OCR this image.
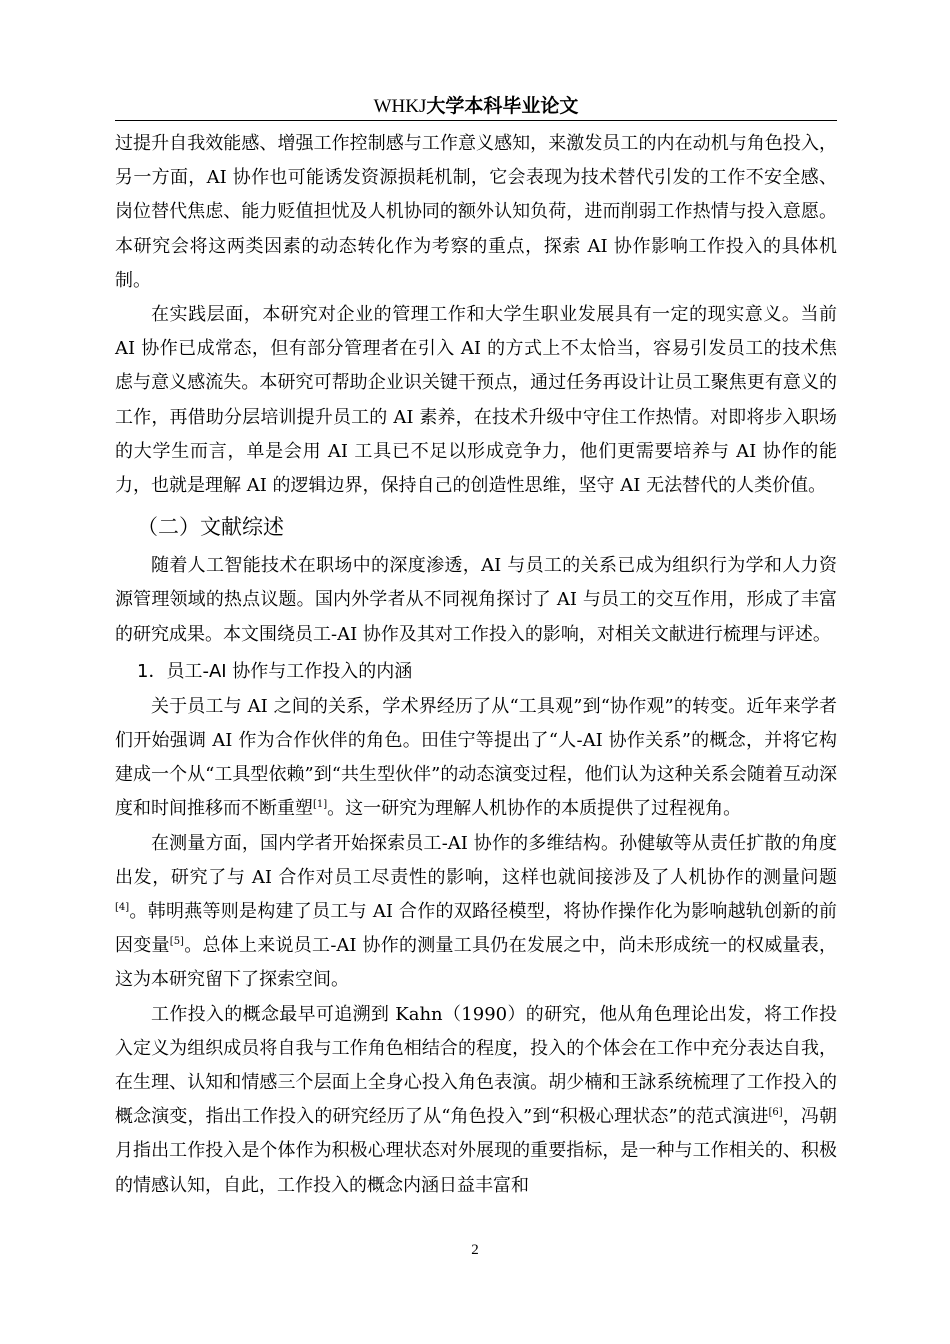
WHKJ大学本科毕业论文

过提升自我效能感、增强工作控制感与工作意义感知，来激发员工的内在动机与角色投入，另一方面，AI 协作也可能诱发资源损耗机制，它会表现为技术替代引发的工作不安全感、岗位替代焦虑、能力贬值担忧及人机协同的额外认知负荷，进而削弱工作热情与投入意愿。本研究会将这两类因素的动态转化作为考察的重点，探索 AI 协作影响工作投入的具体机制。

在实践层面，本研究对企业的管理工作和大学生职业发展具有一定的现实意义。当前 AI 协作已成常态，但有部分管理者在引入 AI 的方式上不太恰当，容易引发员工的技术焦虑与意义感流失。本研究可帮助企业识关键干预点，通过任务再设计让员工聚焦更有意义的工作，再借助分层培训提升员工的 AI 素养，在技术升级中守住工作热情。对即将步入职场的大学生而言，单是会用 AI 工具已不足以形成竞争力，他们更需要培养与 AI 协作的能力，也就是理解 AI 的逻辑边界，保持自己的创造性思维，坚守 AI 无法替代的人类价值。

（二）文献综述

随着人工智能技术在职场中的深度渗透，AI 与员工的关系已成为组织行为学和人力资源管理领域的热点议题。国内外学者从不同视角探讨了 AI 与员工的交互作用，形成了丰富的研究成果。本文围绕员工-AI 协作及其对工作投入的影响，对相关文献进行梳理与评述。

1．员工-AI 协作与工作投入的内涵

关于员工与 AI 之间的关系，学术界经历了从“工具观”到“协作观”的转变。近年来学者们开始强调 AI 作为合作伙伴的角色。田佳宁等提出了“人-AI 协作关系”的概念，并将它构建成一个从“工具型依赖”到“共生型伙伴”的动态演变过程，他们认为这种关系会随着互动深度和时间推移而不断重塑[1]。这一研究为理解人机协作的本质提供了过程视角。

在测量方面，国内学者开始探索员工-AI 协作的多维结构。孙健敏等从责任扩散的角度出发，研究了与 AI 合作对员工尽责性的影响，这样也就间接涉及了人机协作的测量问题[4]。韩明燕等则是构建了员工与 AI 合作的双路径模型，将协作操作化为影响越轨创新的前因变量[5]。总体上来说员工-AI 协作的测量工具仍在发展之中，尚未形成统一的权威量表，这为本研究留下了探索空间。

工作投入的概念最早可追溯到 Kahn（1990）的研究，他从角色理论出发，将工作投入定义为组织成员将自我与工作角色相结合的程度，投入的个体会在工作中充分表达自我，在生理、认知和情感三个层面上全身心投入角色表演。胡少楠和王詠系统梳理了工作投入的概念演变，指出工作投入的研究经历了从“角色投入”到“积极心理状态”的范式演进[6]，冯朝月指出工作投入是个体作为积极心理状态对外展现的重要指标，是一种与工作相关的、积极的情感认知，自此，工作投入的概念内涵日益丰富和

2
